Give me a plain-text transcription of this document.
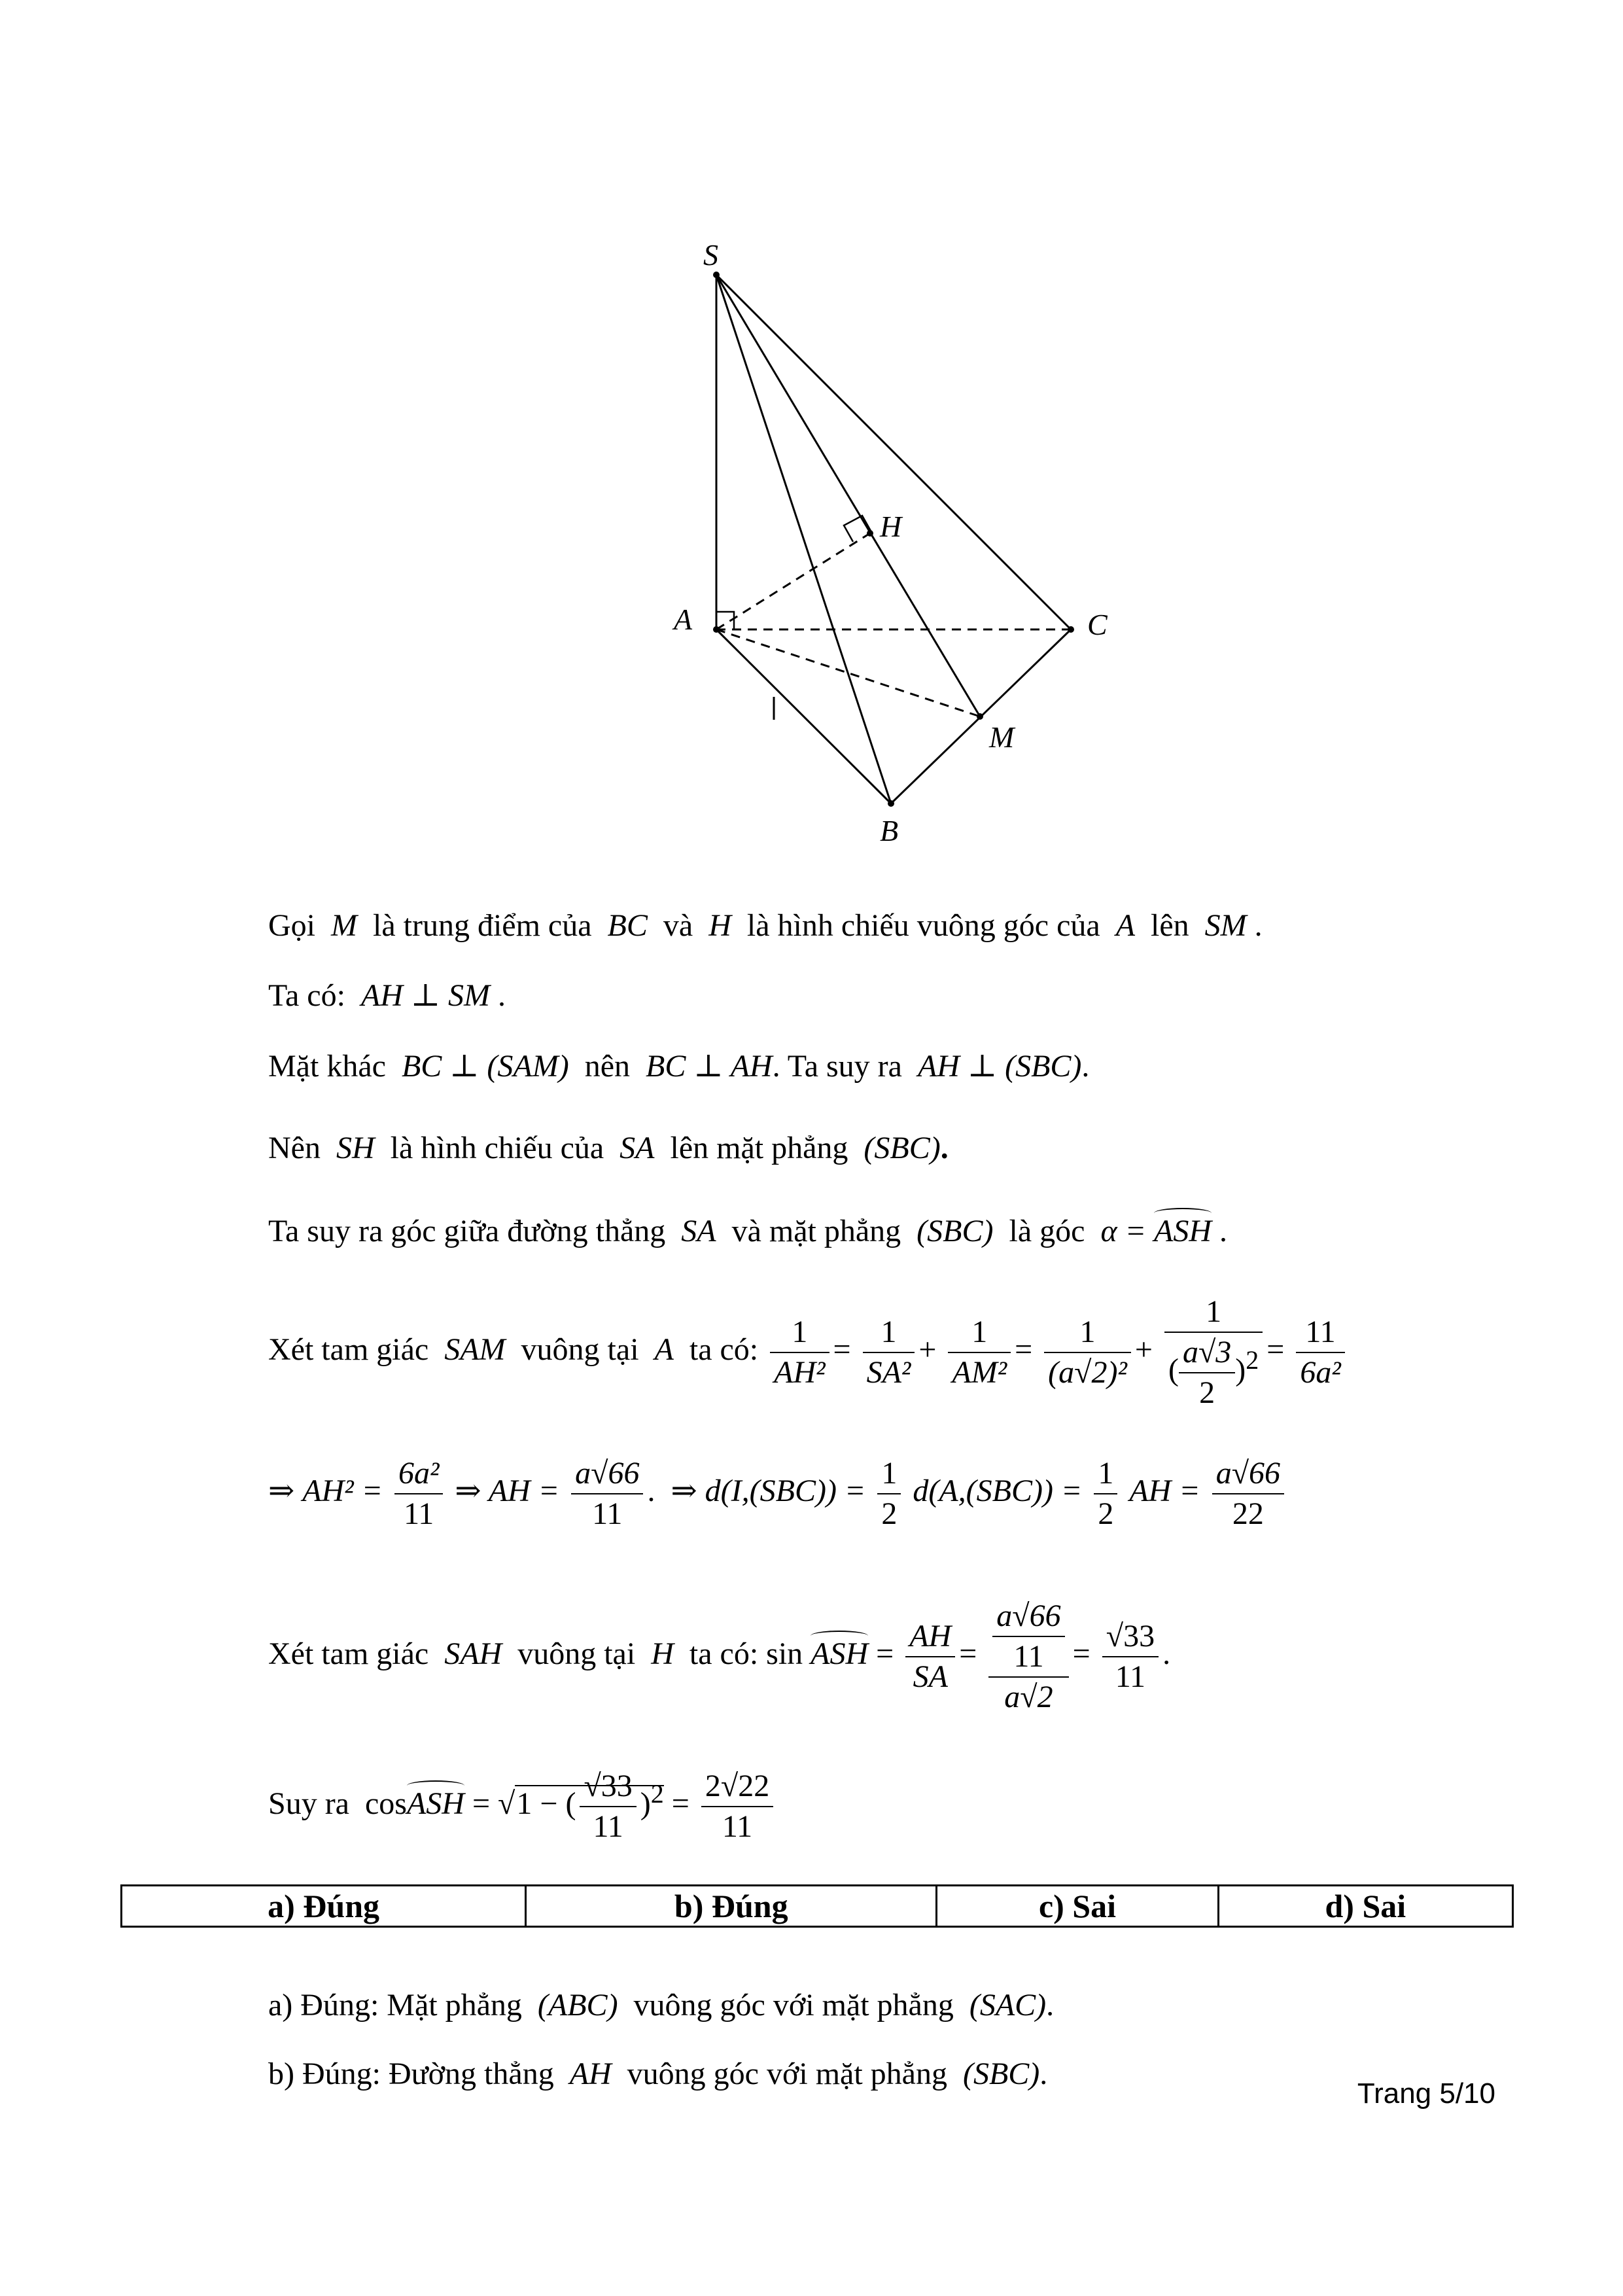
S
H
A	C
M
B
Gọi M là trung điểm của BC và H là hình chiếu vuông góc của A lên SM .
Ta có: AH ⊥ SM .
Mặt khác BC ⊥ (SAM) nên BC ⊥ AH. Ta suy ra AH ⊥ (SBC).
Nên SH là hình chiếu của SA lên mặt phẳng (SBC).
Ta suy ra góc giữa đường thẳng SA và mặt phẳng (SBC) là góc α = ASH .
Xét tam giác SAM vuông tại A ta có: $\frac{1}{\text{AH²}} = \frac{1}{\text{SA²}} + \frac{1}{\text{AM²}} = \frac{1}{\text{(a√2)²}} + \frac{1}{( \frac{a√3}{2} )^2} = \frac{11}{\text{6a²}}$
⇒ $AH^2 = \frac{\text{6a²}}{11}$ ⇒ AH = $\frac{a√66}{11}$ . ⇒ $d(I,(SBC)) = \frac{1}{2} d(A,(SBC)) = \frac{1}{2}$ AH = $\frac{a√66}{22}$
Xét tam giác SAH vuông tại H ta có: sin ASH = $\frac{AH}{SA} = \frac{\frac{a√66}{11}}{a√2} = \frac{√33}{11}$ .
Suy ra cosASH = √1 − ( $\frac{√33}{11} )^2 = \frac{2√22}{11}$
a) Đúng	b) Đúng	c) Sai	d) Sai
a) Đúng: Mặt phẳng (ABC) vuông góc với mặt phẳng (SAC).
b) Đúng: Đường thẳng AH vuông góc với mặt phẳng (SBC).
Trang 5/10
